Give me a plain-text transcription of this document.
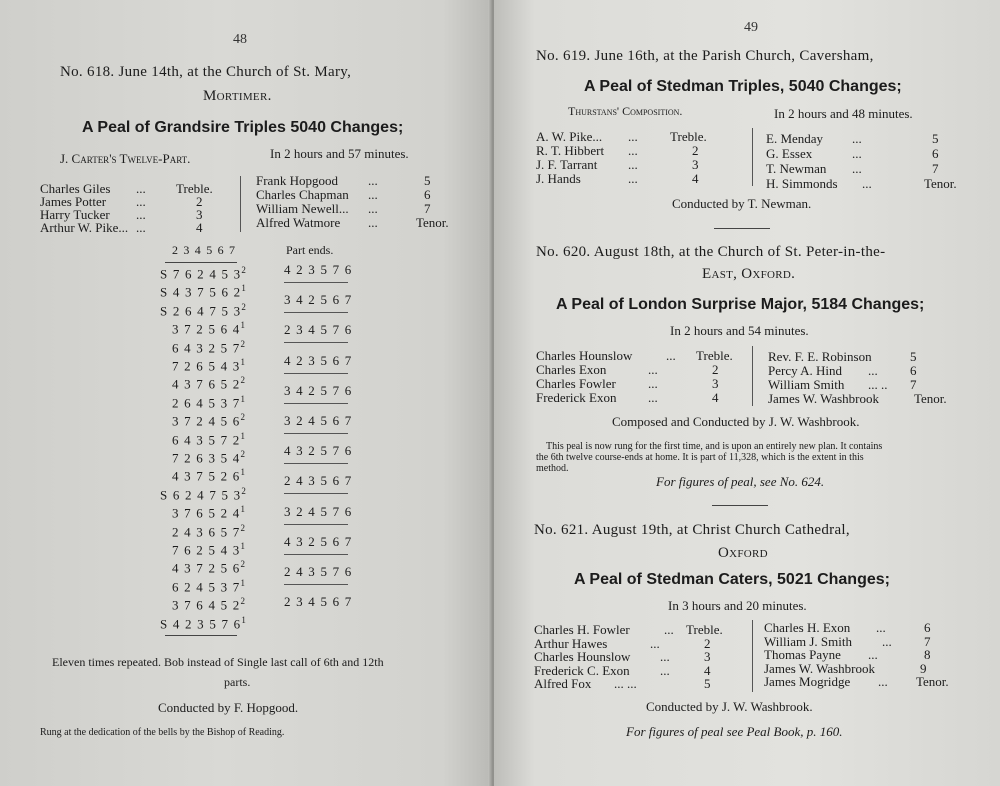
48
No. 618. June 14th, at the Church of St. Mary,
Mortimer.
A Peal of Grandsire Triples 5040 Changes;
J. Carter's Twelve-Part.	In 2 hours and 57 minutes.
Charles Giles ... Treble.
James Potter ...	2
Harry Tucker ...	3
Arthur W. Pike... ...	4
Frank Hopgood ...	5
Charles Chapman ...	6
William Newell... ...	7
Alfred Watmore ...	Tenor.
2 3 4 5 6 7
S 7 6 2 4 5 $3^2$
S 4 3 7 5 6 $2^1$
S 2 6 4 7 5 $3^2$
3 7 2 5 6 $4^1$
6 4 3 2 5 $7^2$
7 2 6 5 4 $3^1$
4 3 7 6 5 $2^2$
2 6 4 5 3 $7^1$
3 7 2 4 5 $6^2$
6 4 3 5 7 $2^1$
7 2 6 3 5 $4^2$
4 3 7 5 2 $6^1$
S 6 2 4 7 5 $3^2$
3 7 6 5 2 $4^1$
2 4 3 6 5 $7^2$
7 6 2 5 4 $3^1$
4 3 7 2 5 $6^2$
6 2 4 5 3 $7^1$
3 7 6 4 5 $2^2$
S 4 2 3 5 7 $6^1$
Part ends.
4 2 3 5 7 6
3 4 2 5 6 7
2 3 4 5 7 6
4 2 3 5 6 7
3 4 2 5 7 6
3 2 4 5 6 7
4 3 2 5 7 6
2 4 3 5 6 7
3 2 4 5 7 6
4 3 2 5 6 7
2 4 3 5 7 6
2 3 4 5 6 7
Eleven times repeated. Bob instead of Single last call of 6th and 12th
parts.
Conducted by F. Hopgood.
Rung at the dedication of the bells by the Bishop of Reading.
49
No. 619. June 16th, at the Parish Church, Caversham,
A Peal of Stedman Triples, 5040 Changes;
Thurstans' Composition.	In 2 hours and 48 minutes.
A. W. Pike... ... Treble.
R. T. Hibbert ...	2
J. F. Tarrant ...	3
J. Hands	...	4
E. Menday ...	5
G. Essex	...	6
T. Newman ...	7
H. Simmonds ...	Tenor.
Conducted by T. Newman.
No. 620. August 18th, at the Church of St. Peter-in-the-
East, Oxford.
A Peal of London Surprise Major, 5184 Changes;
In 2 hours and 54 minutes.
Charles Hounslow	... Treble.
Charles Exon	...	2
Charles Fowler ...	3
Frederick Exon ...	4
Rev. F. E. Robinson	5
Percy A. Hind ... 6
William Smith ... .. 7
James W. Washbrook	Tenor.
Composed and Conducted by J. W. Washbrook.
This peal is now rung for the first time, and is upon an entirely new plan. It contains
the 6th twelve course-ends at home. It is part of 11,328, which is the extent in this
method.
For figures of peal, see No. 624.
No. 621. August 19th, at Christ Church Cathedral,
Oxford
A Peal of Stedman Caters, 5021 Changes;
In 3 hours and 20 minutes.
Charles H. Fowler	... Treble.
Arthur Hawes	...	2
Charles Hounslow ...	3
Frederick C. Exon ...	4
Alfred Fox ... ...	5
Charles H. Exon ...	6
William J. Smith ... 7
Thomas Payne ...	8
James W. Washbrook	9
James Mogridge ... Tenor.
Conducted by J. W. Washbrook.
For figures of peal see Peal Book, p. 160.
